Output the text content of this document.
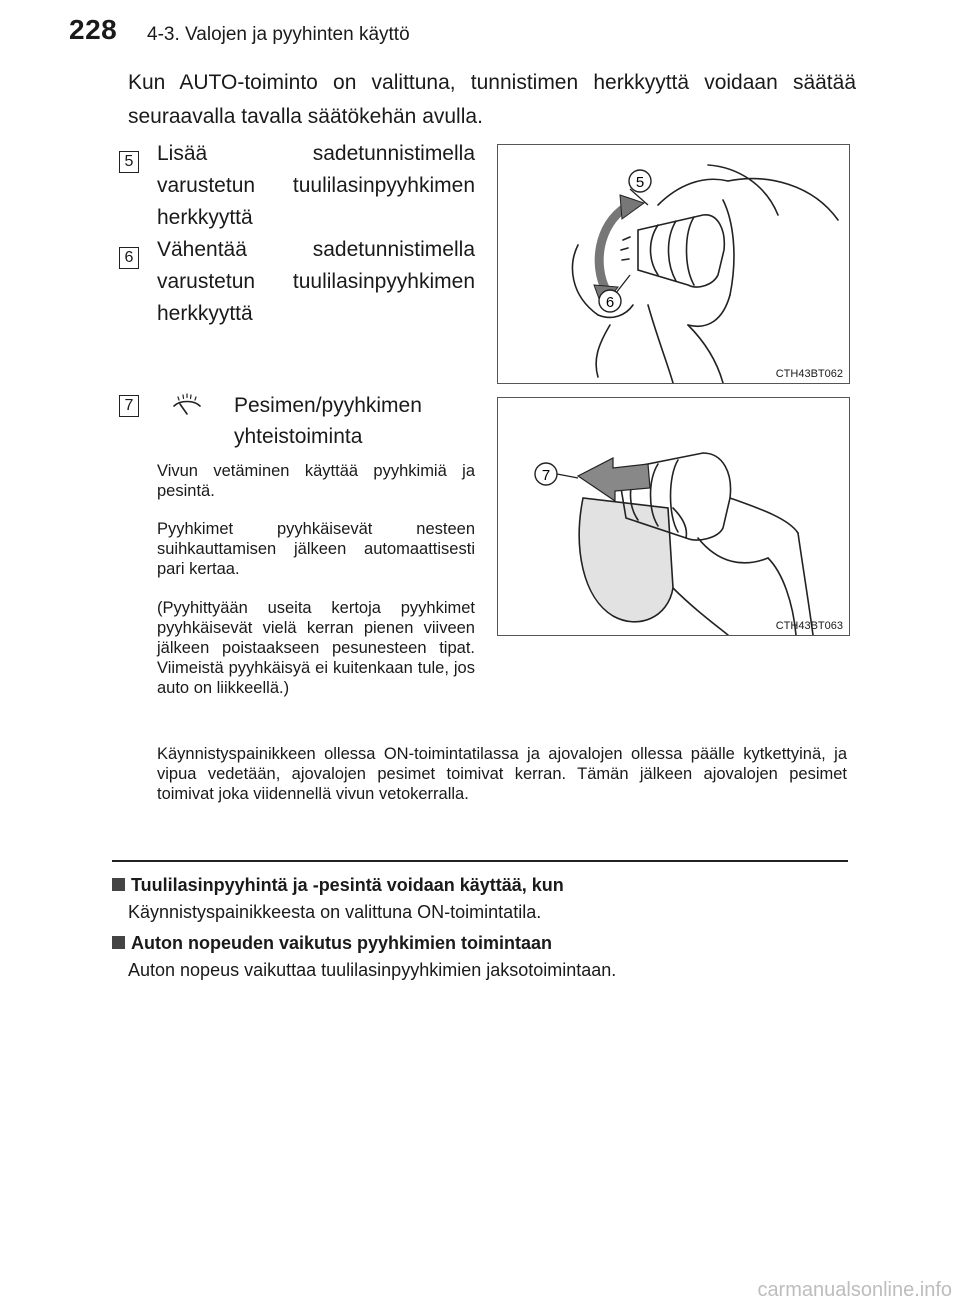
228 4-3. Valojen ja pyyhinten käyttö
Kun AUTO-toiminto on valittuna, tunnistimen herkkyyttä voidaan säätää seuraavalla tavalla säätökehän avulla.
5 Lisää sadetunnistimella varustetun tuulilasinpyyhkimen herkkyyttä
6 Vähentää sadetunnistimella varustetun tuulilasinpyyhkimen herkkyyttä
5
6
CTH43BT062
7	Pesimen/pyyhkimen yhteistoiminta
Vivun vetäminen käyttää pyyhkimiä ja pesintä.
Pyyhkimet pyyhkäisevät nesteen suihkauttamisen jälkeen automaattisesti pari kertaa.
(Pyyhittyään useita kertoja pyyhkimet pyyhkäisevät vielä kerran pienen viiveen jälkeen poistaakseen pesunesteen tipat. Viimeistä pyyhkäisyä ei kuitenkaan tule, jos auto on liikkeellä.)
Käynnistyspainikkeen ollessa ON-toimintatilassa ja ajovalojen ollessa päälle kytkettyinä, ja vipua vedetään, ajovalojen pesimet toimivat kerran. Tämän jälkeen ajovalojen pesimet toimivat joka viidennellä vivun vetokerralla.
7
CTH43BT063
Tuulilasinpyyhintä ja -pesintä voidaan käyttää, kun
Käynnistyspainikkeesta on valittuna ON-toimintatila.
Auton nopeuden vaikutus pyyhkimien toimintaan
Auton nopeus vaikuttaa tuulilasinpyyhkimien jaksotoimintaan.
carmanualsonline.info
